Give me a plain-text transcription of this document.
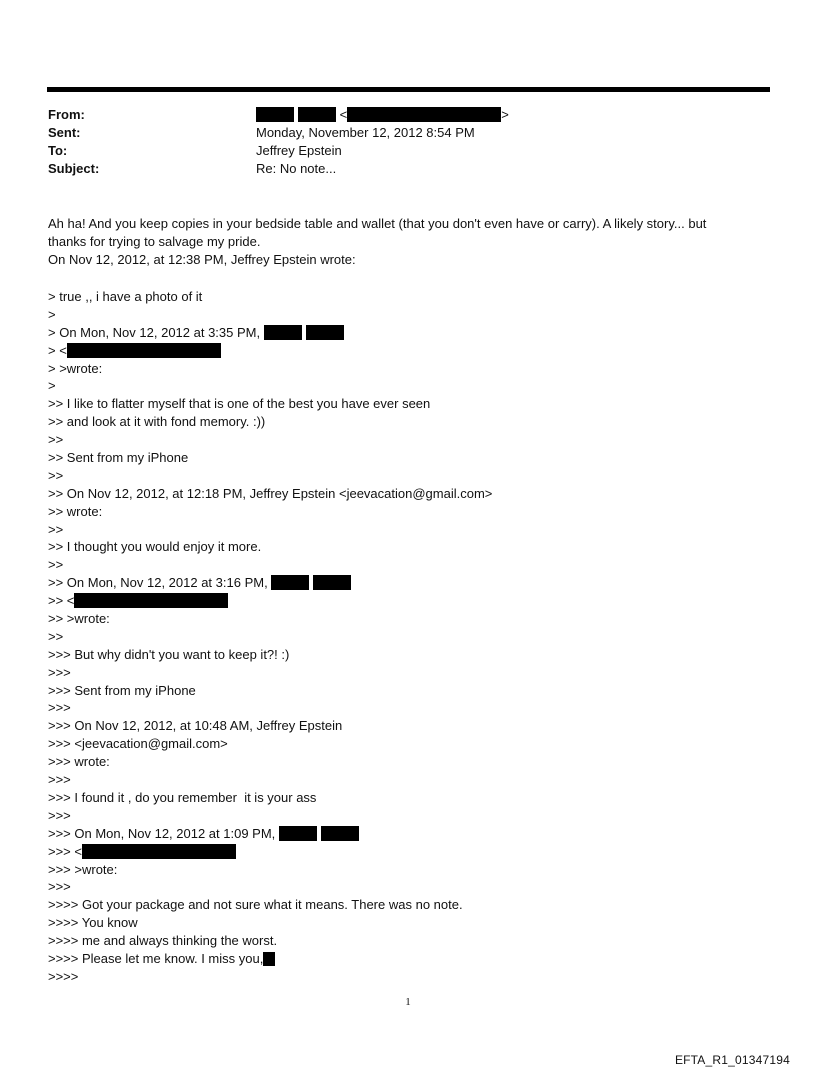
From:	<	>
Sent:	Monday, November 12, 2012 8:54 PM
To:	Jeffrey Epstein
Subject:	Re: No note...
Ah ha! And you keep copies in your bedside table and wallet (that you don't even have or carry). A likely story... but thanks for trying to salvage my pride.
On Nov 12, 2012, at 12:38 PM, Jeffrey Epstein wrote:
> true ,, i have a photo of it
>
> On Mon, Nov 12, 2012 at 3:35 PM,
> <
> >wrote:
>
>> I like to flatter myself that is one of the best you have ever seen
>> and look at it with fond memory. :))
>>
>> Sent from my iPhone
>>
>> On Nov 12, 2012, at 12:18 PM, Jeffrey Epstein <jeevacation@gmail.com>
>> wrote:
>>
>> I thought you would enjoy it more.
>>
>> On Mon, Nov 12, 2012 at 3:16 PM,
>> <
>> >wrote:
>>
>>> But why didn't you want to keep it?! :)
>>>
>>> Sent from my iPhone
>>>
>>> On Nov 12, 2012, at 10:48 AM, Jeffrey Epstein
>>> <jeevacation@gmail.com>
>>> wrote:
>>>
>>> I found it , do you remember  it is your ass
>>>
>>> On Mon, Nov 12, 2012 at 1:09 PM,
>>> <
>>> >wrote:
>>>
>>>> Got your package and not sure what it means. There was no note.
>>>> You know
>>>> me and always thinking the worst.
>>>> Please let me know. I miss you,
>>>>
1
EFTA_R1_01347194
